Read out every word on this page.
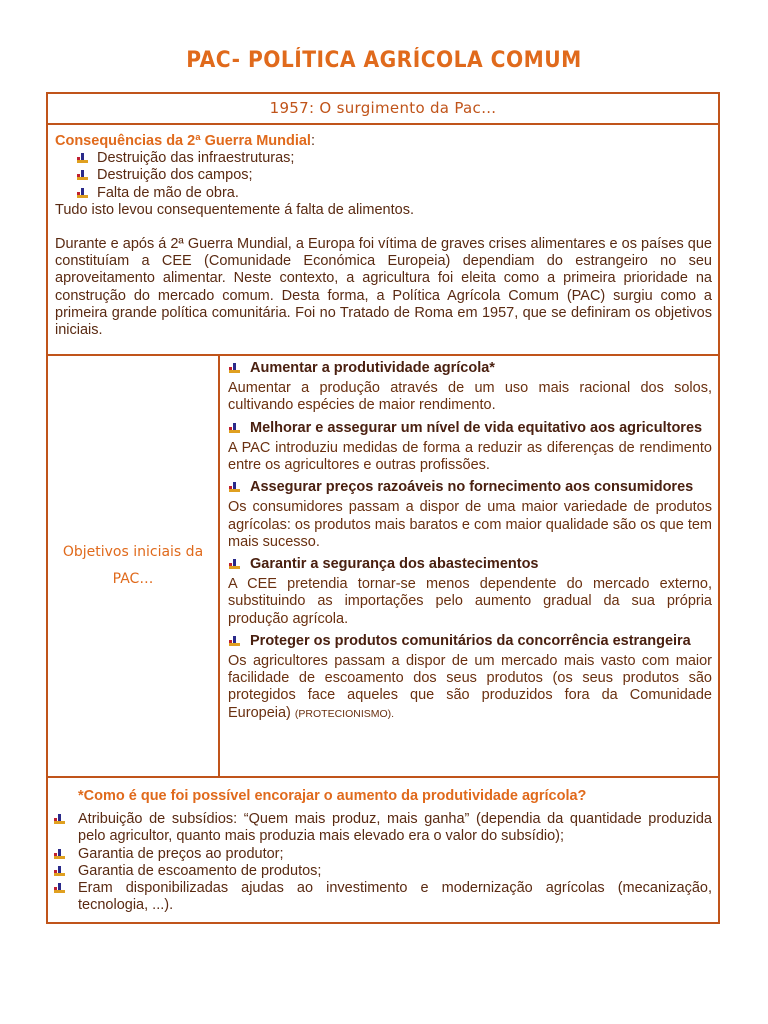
PAC- POLÍTICA AGRÍCOLA COMUM
1957: O surgimento da Pac…
Consequências da 2ª Guerra Mundial:
Destruição das infraestruturas;
Destruição dos campos;
Falta de mão de obra.
Tudo isto levou consequentemente á falta de alimentos.
Durante e após á 2ª Guerra Mundial, a Europa foi vítima de graves crises alimentares e os países que constituíam a CEE (Comunidade Económica Europeia) dependiam do estrangeiro no seu aproveitamento alimentar. Neste contexto, a agricultura foi eleita como a primeira prioridade na construção do mercado comum. Desta forma, a Política Agrícola Comum (PAC) surgiu como a primeira grande política comunitária. Foi no Tratado de Roma em 1957, que se definiram os objetivos iniciais.
Objetivos iniciais da PAC…
Aumentar a produtividade agrícola*
Aumentar a produção através de um uso mais racional dos solos, cultivando espécies de maior rendimento.
Melhorar e assegurar um nível de vida equitativo aos agricultores
A PAC introduziu medidas de forma a reduzir as diferenças de rendimento entre os agricultores e outras profissões.
Assegurar preços razoáveis no fornecimento aos consumidores
Os consumidores passam a dispor de uma maior variedade de produtos agrícolas: os produtos mais baratos e com maior qualidade são os que tem mais sucesso.
Garantir a segurança dos abastecimentos
A CEE pretendia tornar-se menos dependente do mercado externo, substituindo as importações pelo aumento gradual da sua própria produção agrícola.
Proteger os produtos comunitários da concorrência estrangeira
Os agricultores passam a dispor de um mercado mais vasto com maior facilidade de escoamento dos seus produtos (os seus produtos são protegidos face aqueles que são produzidos fora da Comunidade Europeia) (PROTECIONISMO).
*Como é que foi possível encorajar o aumento da produtividade agrícola?
Atribuição de subsídios: “Quem mais produz, mais ganha” (dependia da quantidade produzida pelo agricultor, quanto mais produzia mais elevado era o valor do subsídio);
Garantia de preços ao produtor;
Garantia de escoamento de produtos;
Eram disponibilizadas ajudas ao investimento e modernização agrícolas (mecanização, tecnologia, ...).
